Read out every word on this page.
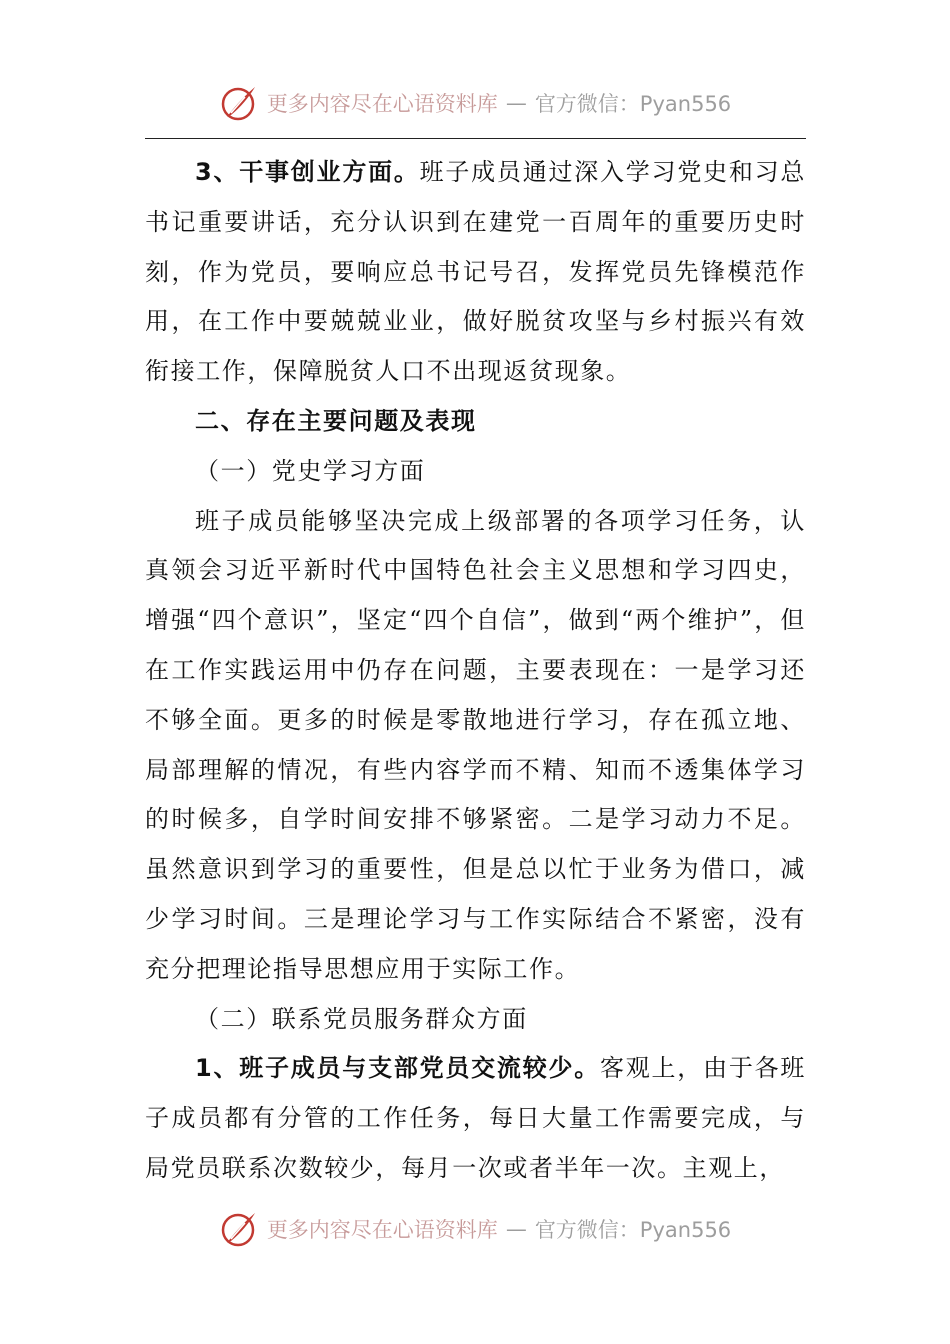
更多内容尽在心语资料库 — 官方微信：Pyan556

3、干事创业方面。班子成员通过深入学习党史和习总书记重要讲话，充分认识到在建党一百周年的重要历史时刻，作为党员，要响应总书记号召，发挥党员先锋模范作用，在工作中要兢兢业业，做好脱贫攻坚与乡村振兴有效衔接工作，保障脱贫人口不出现返贫现象。

二、存在主要问题及表现

（一）党史学习方面

班子成员能够坚决完成上级部署的各项学习任务，认真领会习近平新时代中国特色社会主义思想和学习四史，增强“四个意识”，坚定“四个自信”，做到“两个维护”，但在工作实践运用中仍存在问题，主要表现在：一是学习还不够全面。更多的时候是零散地进行学习，存在孤立地、局部理解的情况，有些内容学而不精、知而不透集体学习的时候多，自学时间安排不够紧密。二是学习动力不足。虽然意识到学习的重要性，但是总以忙于业务为借口，减少学习时间。三是理论学习与工作实际结合不紧密，没有充分把理论指导思想应用于实际工作。

（二）联系党员服务群众方面

1、班子成员与支部党员交流较少。客观上，由于各班子成员都有分管的工作任务，每日大量工作需要完成，与局党员联系次数较少，每月一次或者半年一次。主观上，

更多内容尽在心语资料库 — 官方微信：Pyan556
